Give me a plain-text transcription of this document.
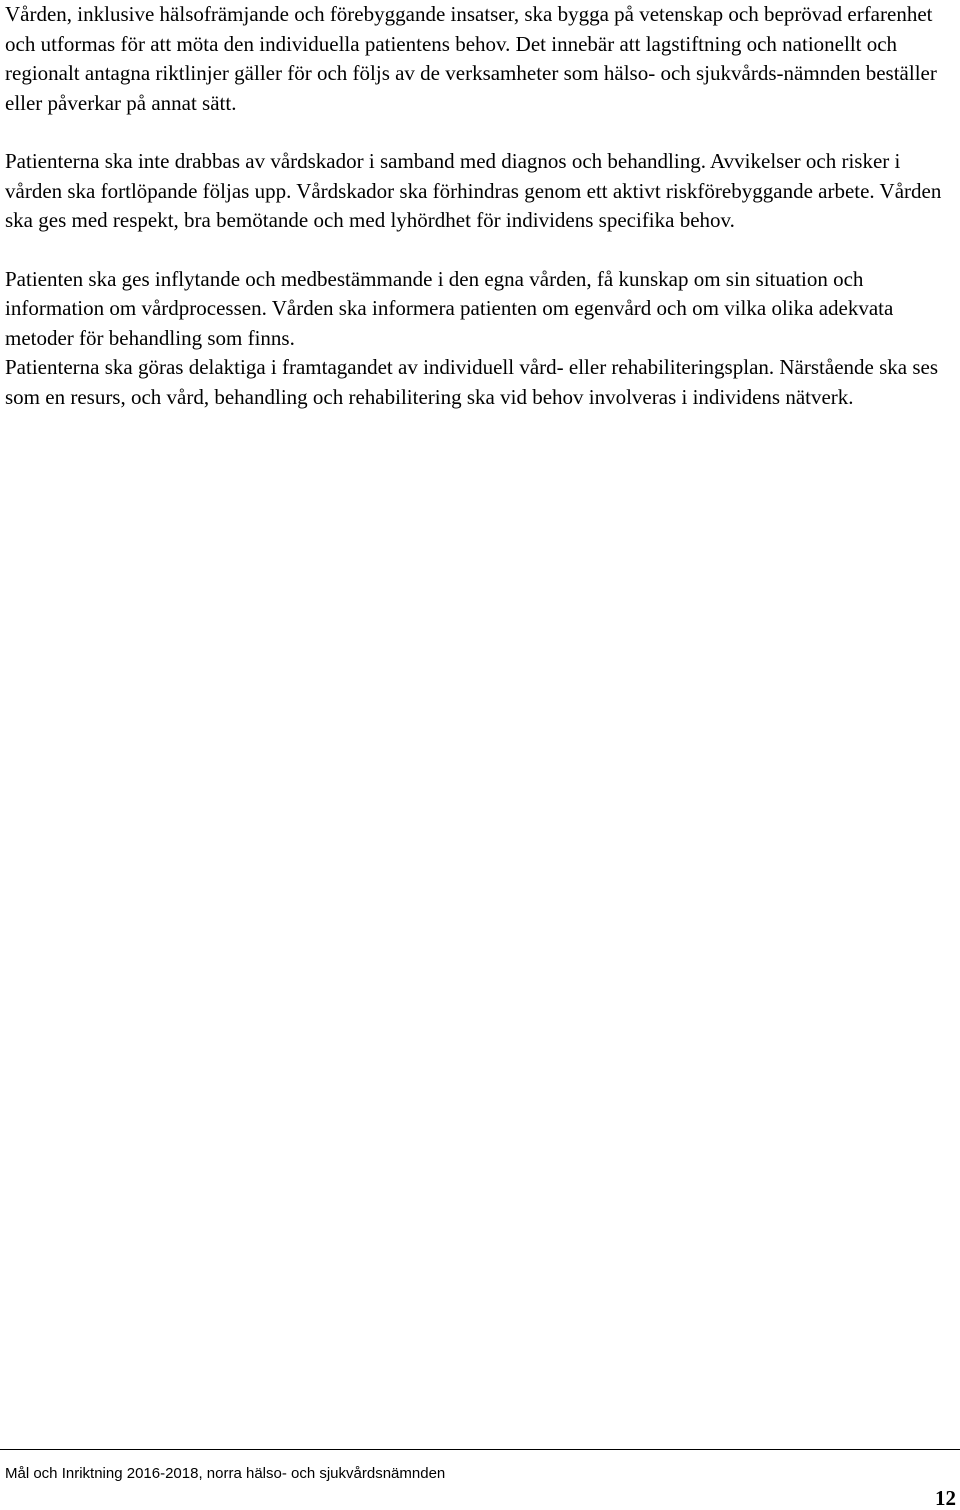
Vården, inklusive hälsofrämjande och förebyggande insatser, ska bygga på vetenskap och beprövad erfarenhet och utformas för att möta den individuella patientens behov. Det innebär att lagstiftning och nationellt och regionalt antagna riktlinjer gäller för och följs av de verksamheter som hälso- och sjukvårds-nämnden beställer eller påverkar på annat sätt.

Patienterna ska inte drabbas av vårdskador i samband med diagnos och behandling. Avvikelser och risker i vården ska fortlöpande följas upp. Vårdskador ska förhindras genom ett aktivt riskförebyggande arbete. Vården ska ges med respekt, bra bemötande och med lyhördhet för individens specifika behov.

Patienten ska ges inflytande och medbestämmande i den egna vården, få kunskap om sin situation och information om vårdprocessen. Vården ska informera patienten om egenvård och om vilka olika adekvata metoder för behandling som finns.

Patienterna ska göras delaktiga i framtagandet av individuell vård- eller rehabiliteringsplan. Närstående ska ses som en resurs, och vård, behandling och rehabilitering ska vid behov involveras i individens nätverk.

Mål och Inriktning 2016-2018, norra hälso- och sjukvårdsnämnden
12
